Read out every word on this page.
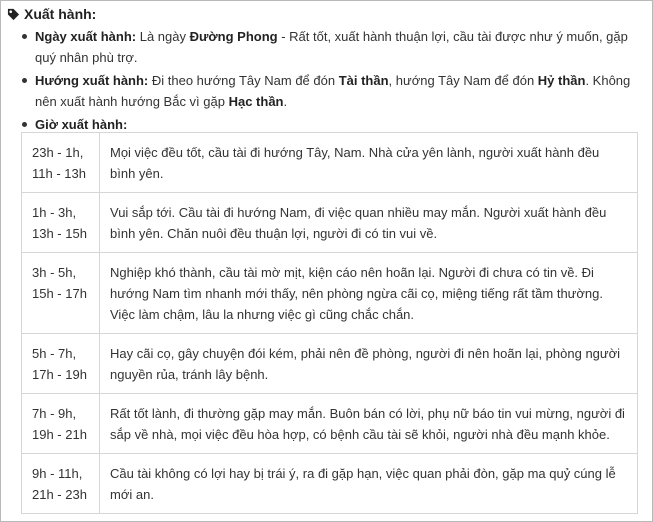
Xuất hành:
Ngày xuất hành: Là ngày Đường Phong - Rất tốt, xuất hành thuận lợi, cầu tài được như ý muốn, gặp quý nhân phù trợ.
Hướng xuất hành: Đi theo hướng Tây Nam để đón Tài thần, hướng Tây Nam để đón Hỷ thần. Không nên xuất hành hướng Bắc vì gặp Hạc thần.
Giờ xuất hành:
23h - 1h,
11h - 13h	Mọi việc đều tốt, cầu tài đi hướng Tây, Nam. Nhà cửa yên lành, người xuất hành đều bình yên.
1h - 3h,
13h - 15h	Vui sắp tới. Cầu tài đi hướng Nam, đi việc quan nhiều may mắn. Người xuất hành đều bình yên. Chăn nuôi đều thuận lợi, người đi có tin vui về.
3h - 5h,
15h - 17h	Nghiệp khó thành, cầu tài mờ mịt, kiện cáo nên hoãn lại. Người đi chưa có tin về. Đi hướng Nam tìm nhanh mới thấy, nên phòng ngừa cãi cọ, miệng tiếng rất tầm thường. Việc làm chậm, lâu la nhưng việc gì cũng chắc chắn.
5h - 7h,
17h - 19h	Hay cãi cọ, gây chuyện đói kém, phải nên đề phòng, người đi nên hoãn lại, phòng người nguyền rủa, tránh lây bệnh.
7h - 9h,
19h - 21h	Rất tốt lành, đi thường gặp may mắn. Buôn bán có lời, phụ nữ báo tin vui mừng, người đi sắp về nhà, mọi việc đều hòa hợp, có bệnh cầu tài sẽ khỏi, người nhà đều mạnh khỏe.
9h - 11h,
21h - 23h	Cầu tài không có lợi hay bị trái ý, ra đi gặp hạn, việc quan phải đòn, gặp ma quỷ cúng lễ mới an.
